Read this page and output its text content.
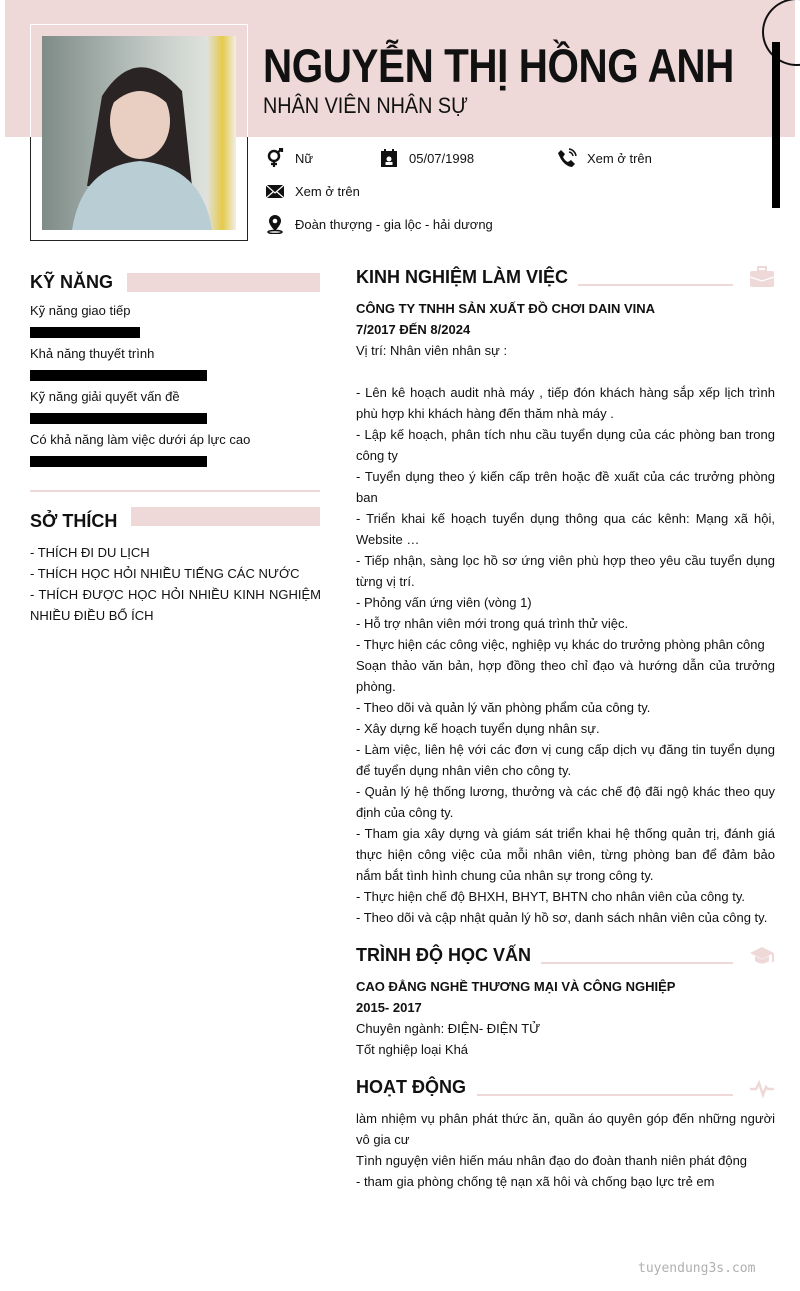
NGUYỄN THỊ HỒNG ANH
NHÂN VIÊN NHÂN SỰ
Nữ	05/07/1998	Xem ở trên
Xem ở trên
Đoàn thượng - gia lộc - hải dương
KỸ NĂNG
Kỹ năng giao tiếp
Khả năng thuyết trình
Kỹ năng giải quyết vấn đề
Có khả năng làm việc dưới áp lực cao
SỞ THÍCH
- THÍCH ĐI DU LỊCH
- THÍCH HỌC HỎI NHIỀU TIẾNG CÁC NƯỚC
- THÍCH ĐƯỢC HỌC HỎI NHIỀU KINH NGHIỆM NHIỀU ĐIỀU BỔ ÍCH
KINH NGHIỆM LÀM VIỆC
CÔNG TY TNHH SẢN XUẤT ĐỒ CHƠI DAIN VINA
7/2017 ĐẾN 8/2024
Vị trí: Nhân viên nhân sự :
- Lên kê hoạch audit nhà máy , tiếp đón khách hàng sắp xếp lịch trình phù hợp khi khách hàng đến thăm nhà máy .
- Lập kế hoạch, phân tích nhu cầu tuyển dụng của các phòng ban trong công ty
- Tuyển dụng theo ý kiến cấp trên hoặc đề xuất của các trưởng phòng ban
- Triển khai kế hoạch tuyển dụng thông qua các kênh: Mạng xã hội, Website …
- Tiếp nhận, sàng lọc hồ sơ ứng viên phù hợp theo yêu cầu tuyển dụng từng vị trí.
- Phỏng vấn ứng viên (vòng 1)
- Hỗ trợ nhân viên mới trong quá trình thử việc.
- Thực hiện các công việc, nghiệp vụ khác do trưởng phòng phân công
Soạn thảo văn bản, hợp đồng theo chỉ đạo và hướng dẫn của trưởng phòng.
- Theo dõi và quản lý văn phòng phẩm của công ty.
- Xây dựng kế hoạch tuyển dụng nhân sự.
- Làm việc, liên hệ với các đơn vị cung cấp dịch vụ đăng tin tuyển dụng để tuyển dụng nhân viên cho công ty.
- Quản lý hệ thống lương, thưởng và các chế độ đãi ngộ khác theo quy định của công ty.
- Tham gia xây dựng và giám sát triển khai hệ thống quản trị, đánh giá thực hiện công việc của mỗi nhân viên, từng phòng ban để đảm bảo nắm bắt tình hình chung của nhân sự trong công ty.
- Thực hiện chế độ BHXH, BHYT, BHTN cho nhân viên của công ty.
- Theo dõi và cập nhật quản lý hồ sơ, danh sách nhân viên của công ty.
TRÌNH ĐỘ HỌC VẤN
CAO ĐẲNG NGHỀ THƯƠNG MẠI VÀ CÔNG NGHIỆP
2015- 2017
Chuyên ngành: ĐIỆN- ĐIỆN TỬ
Tốt nghiệp loại Khá
HOẠT ĐỘNG
làm nhiệm vụ phân phát thức ăn, quần áo quyên góp đến những người vô gia cư
Tình nguyện viên hiến máu nhân đạo do đoàn thanh niên phát động
- tham gia phòng chống tệ nạn xã hôi và chống bạo lực trẻ em
tuyendung3s.com
